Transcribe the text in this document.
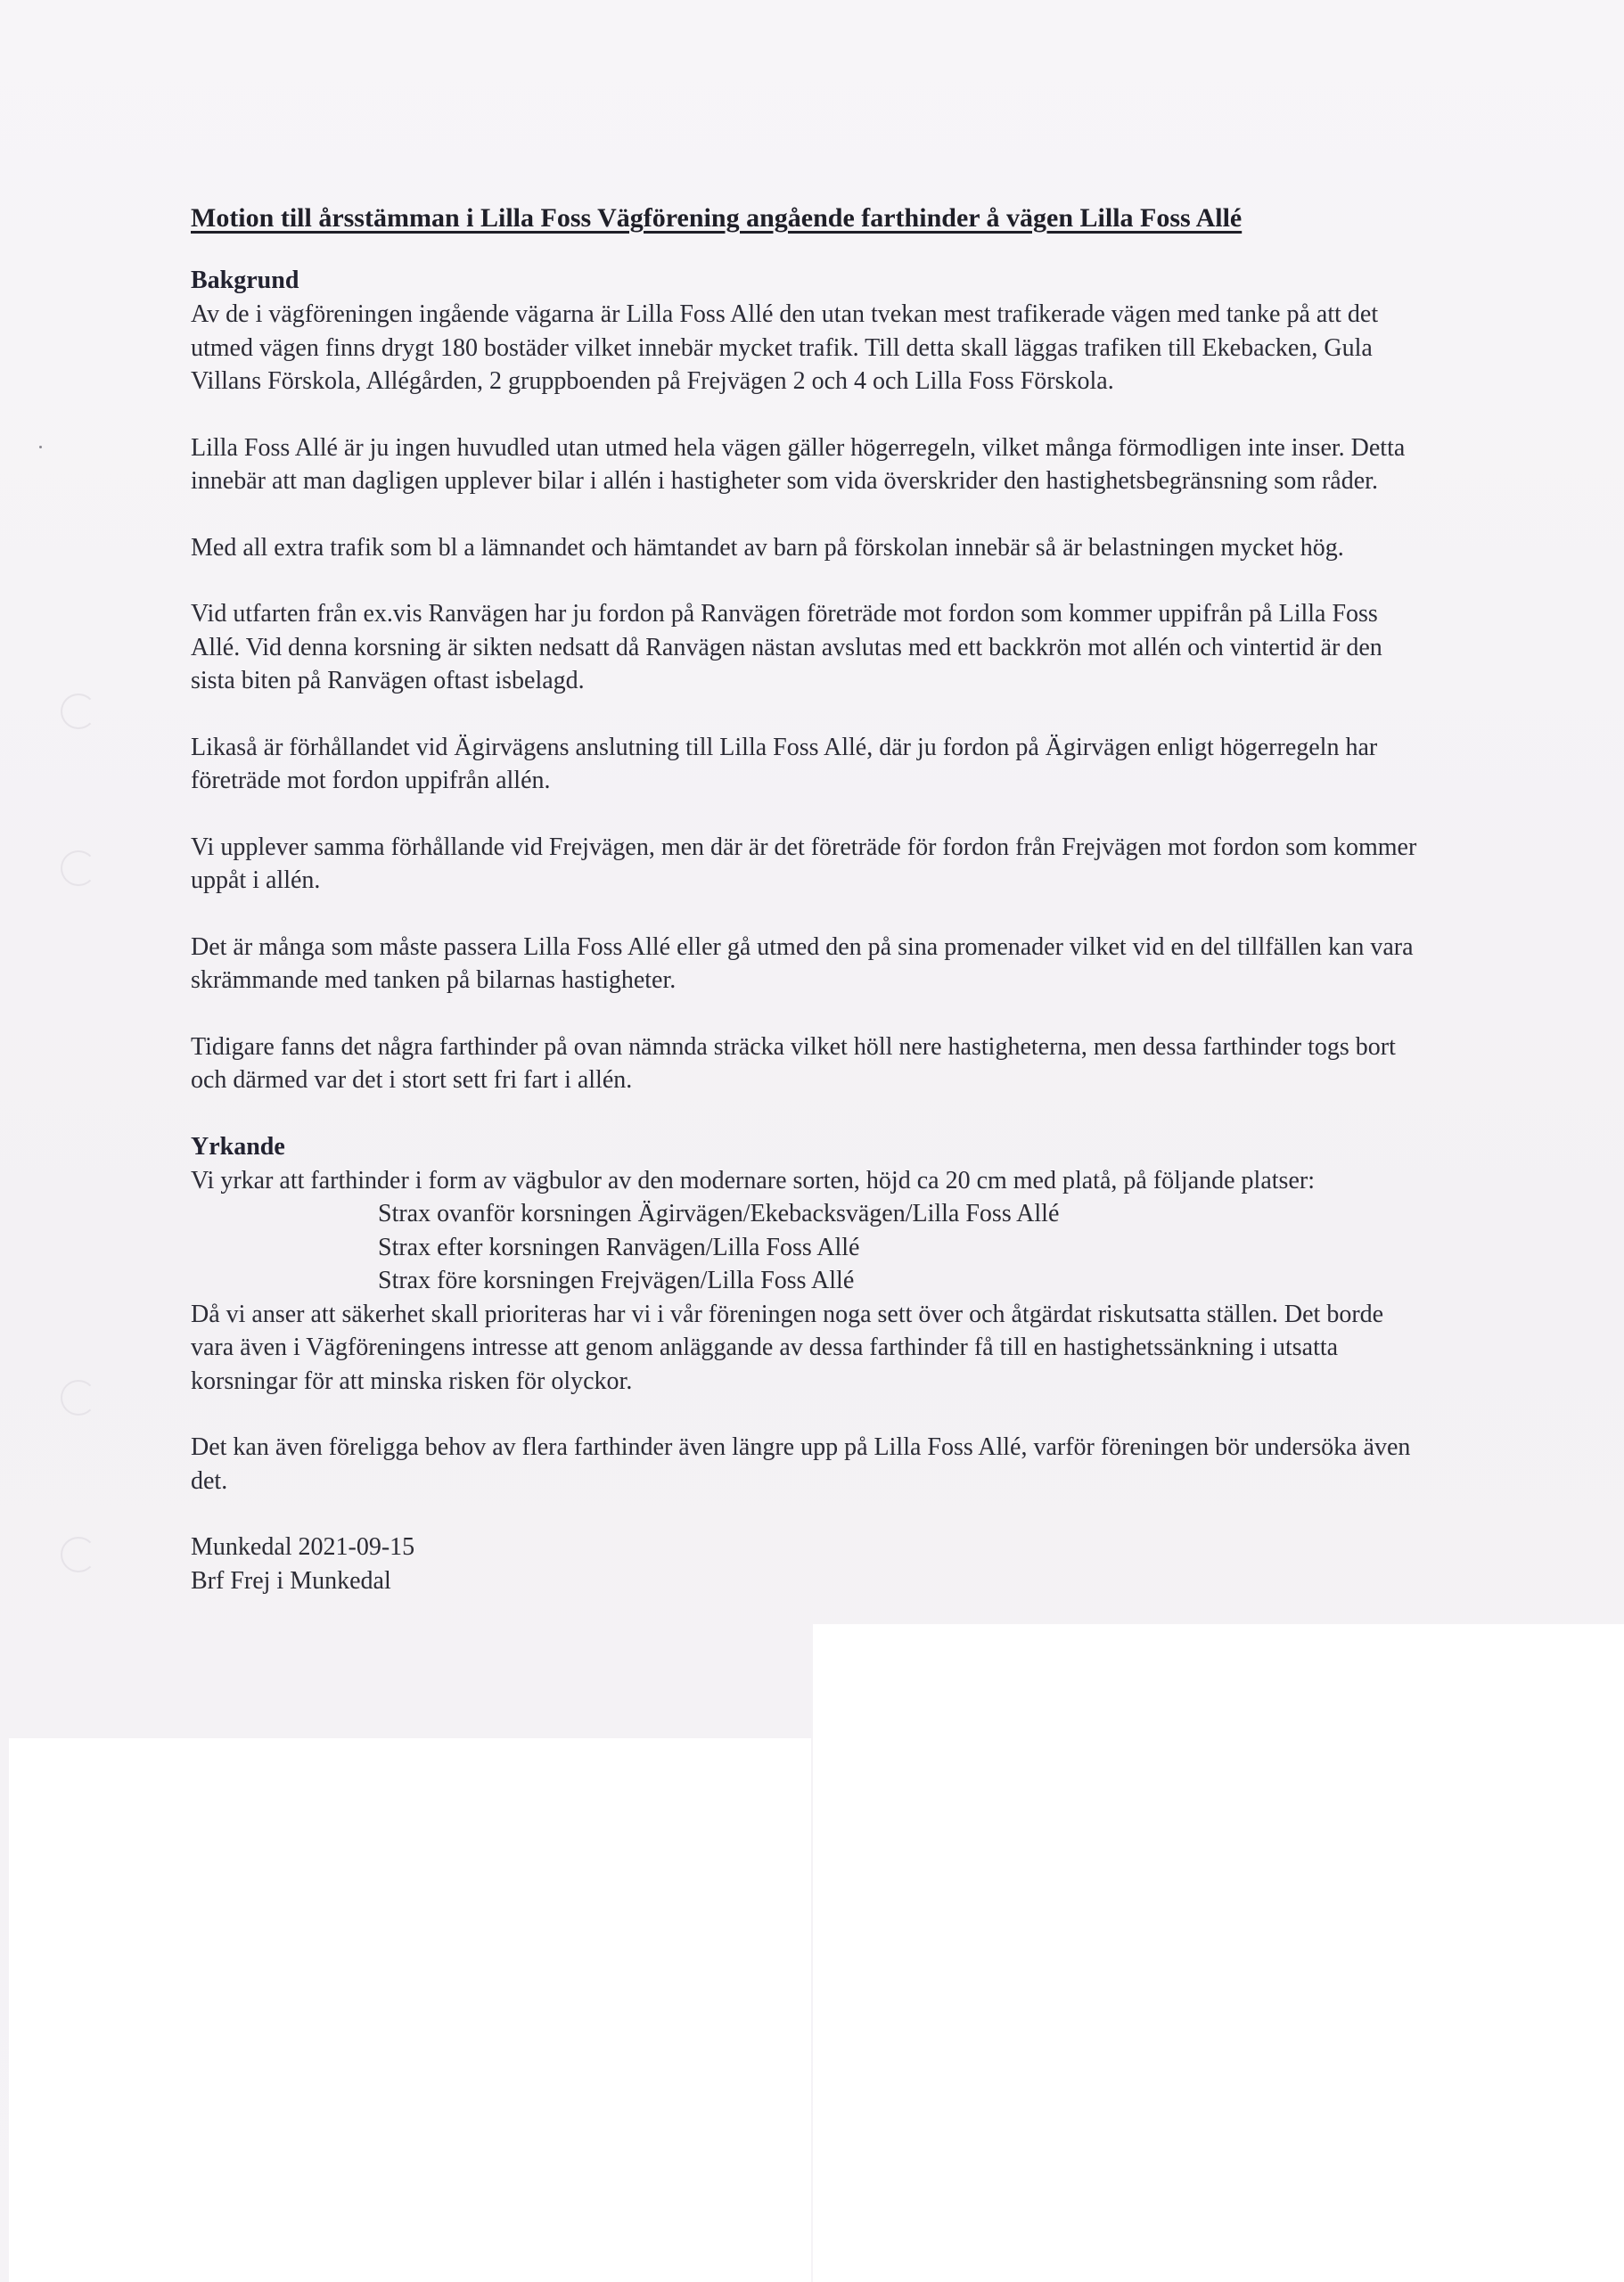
Motion till årsstämman i Lilla Foss Vägförening angående farthinder å vägen Lilla Foss Allé
Bakgrund

Av de i vägföreningen ingående vägarna är Lilla Foss Allé den utan tvekan mest trafikerade vägen med tanke på att det utmed vägen finns drygt 180 bostäder vilket innebär mycket trafik. Till detta skall läggas trafiken till Ekebacken, Gula Villans Förskola, Allégården, 2 gruppboenden på Frejvägen 2 och 4 och Lilla Foss Förskola.

Lilla Foss Allé är ju ingen huvudled utan utmed hela vägen gäller högerregeln, vilket många förmodligen inte inser. Detta innebär att man dagligen upplever bilar i allén i hastigheter som vida överskrider den hastighetsbegränsning som råder.

Med all extra trafik som bl a lämnandet och hämtandet av barn på förskolan innebär så är belastningen mycket hög.

Vid utfarten från ex.vis Ranvägen har ju fordon på Ranvägen företräde mot fordon som kommer uppifrån på Lilla Foss Allé. Vid denna korsning är sikten nedsatt då Ranvägen nästan avslutas med ett backkrön mot allén och vintertid är den sista biten på Ranvägen oftast isbelagd.

Likaså är förhållandet vid Ägirvägens anslutning till Lilla Foss Allé, där ju fordon på Ägirvägen enligt högerregeln har företräde mot fordon uppifrån allén.

Vi upplever samma förhållande vid Frejvägen, men där är det företräde för fordon från Frejvägen mot fordon som kommer uppåt i allén.

Det är många som måste passera Lilla Foss Allé eller gå utmed den på sina promenader vilket vid en del tillfällen kan vara skrämmande med tanken på bilarnas hastigheter.

Tidigare fanns det några farthinder på ovan nämnda sträcka vilket höll nere hastigheterna, men dessa farthinder togs bort och därmed var det i stort sett fri fart i allén.

Yrkande

Vi yrkar att farthinder i form av vägbulor av den modernare sorten, höjd ca 20 cm med platå, på följande platser:

Strax ovanför korsningen Ägirvägen/Ekebacksvägen/Lilla Foss Allé
Strax efter korsningen Ranvägen/Lilla Foss Allé
Strax före korsningen Frejvägen/Lilla Foss Allé

Då vi anser att säkerhet skall prioriteras har vi i vår föreningen noga sett över och åtgärdat riskutsatta ställen. Det borde vara även i Vägföreningens intresse att genom anläggande av dessa farthinder få till en hastighetssänkning i utsatta korsningar för att minska risken för olyckor.

Det kan även föreligga behov av flera farthinder även längre upp på Lilla Foss Allé, varför föreningen bör undersöka även det.

Munkedal 2021-09-15
Brf Frej i Munkedal
